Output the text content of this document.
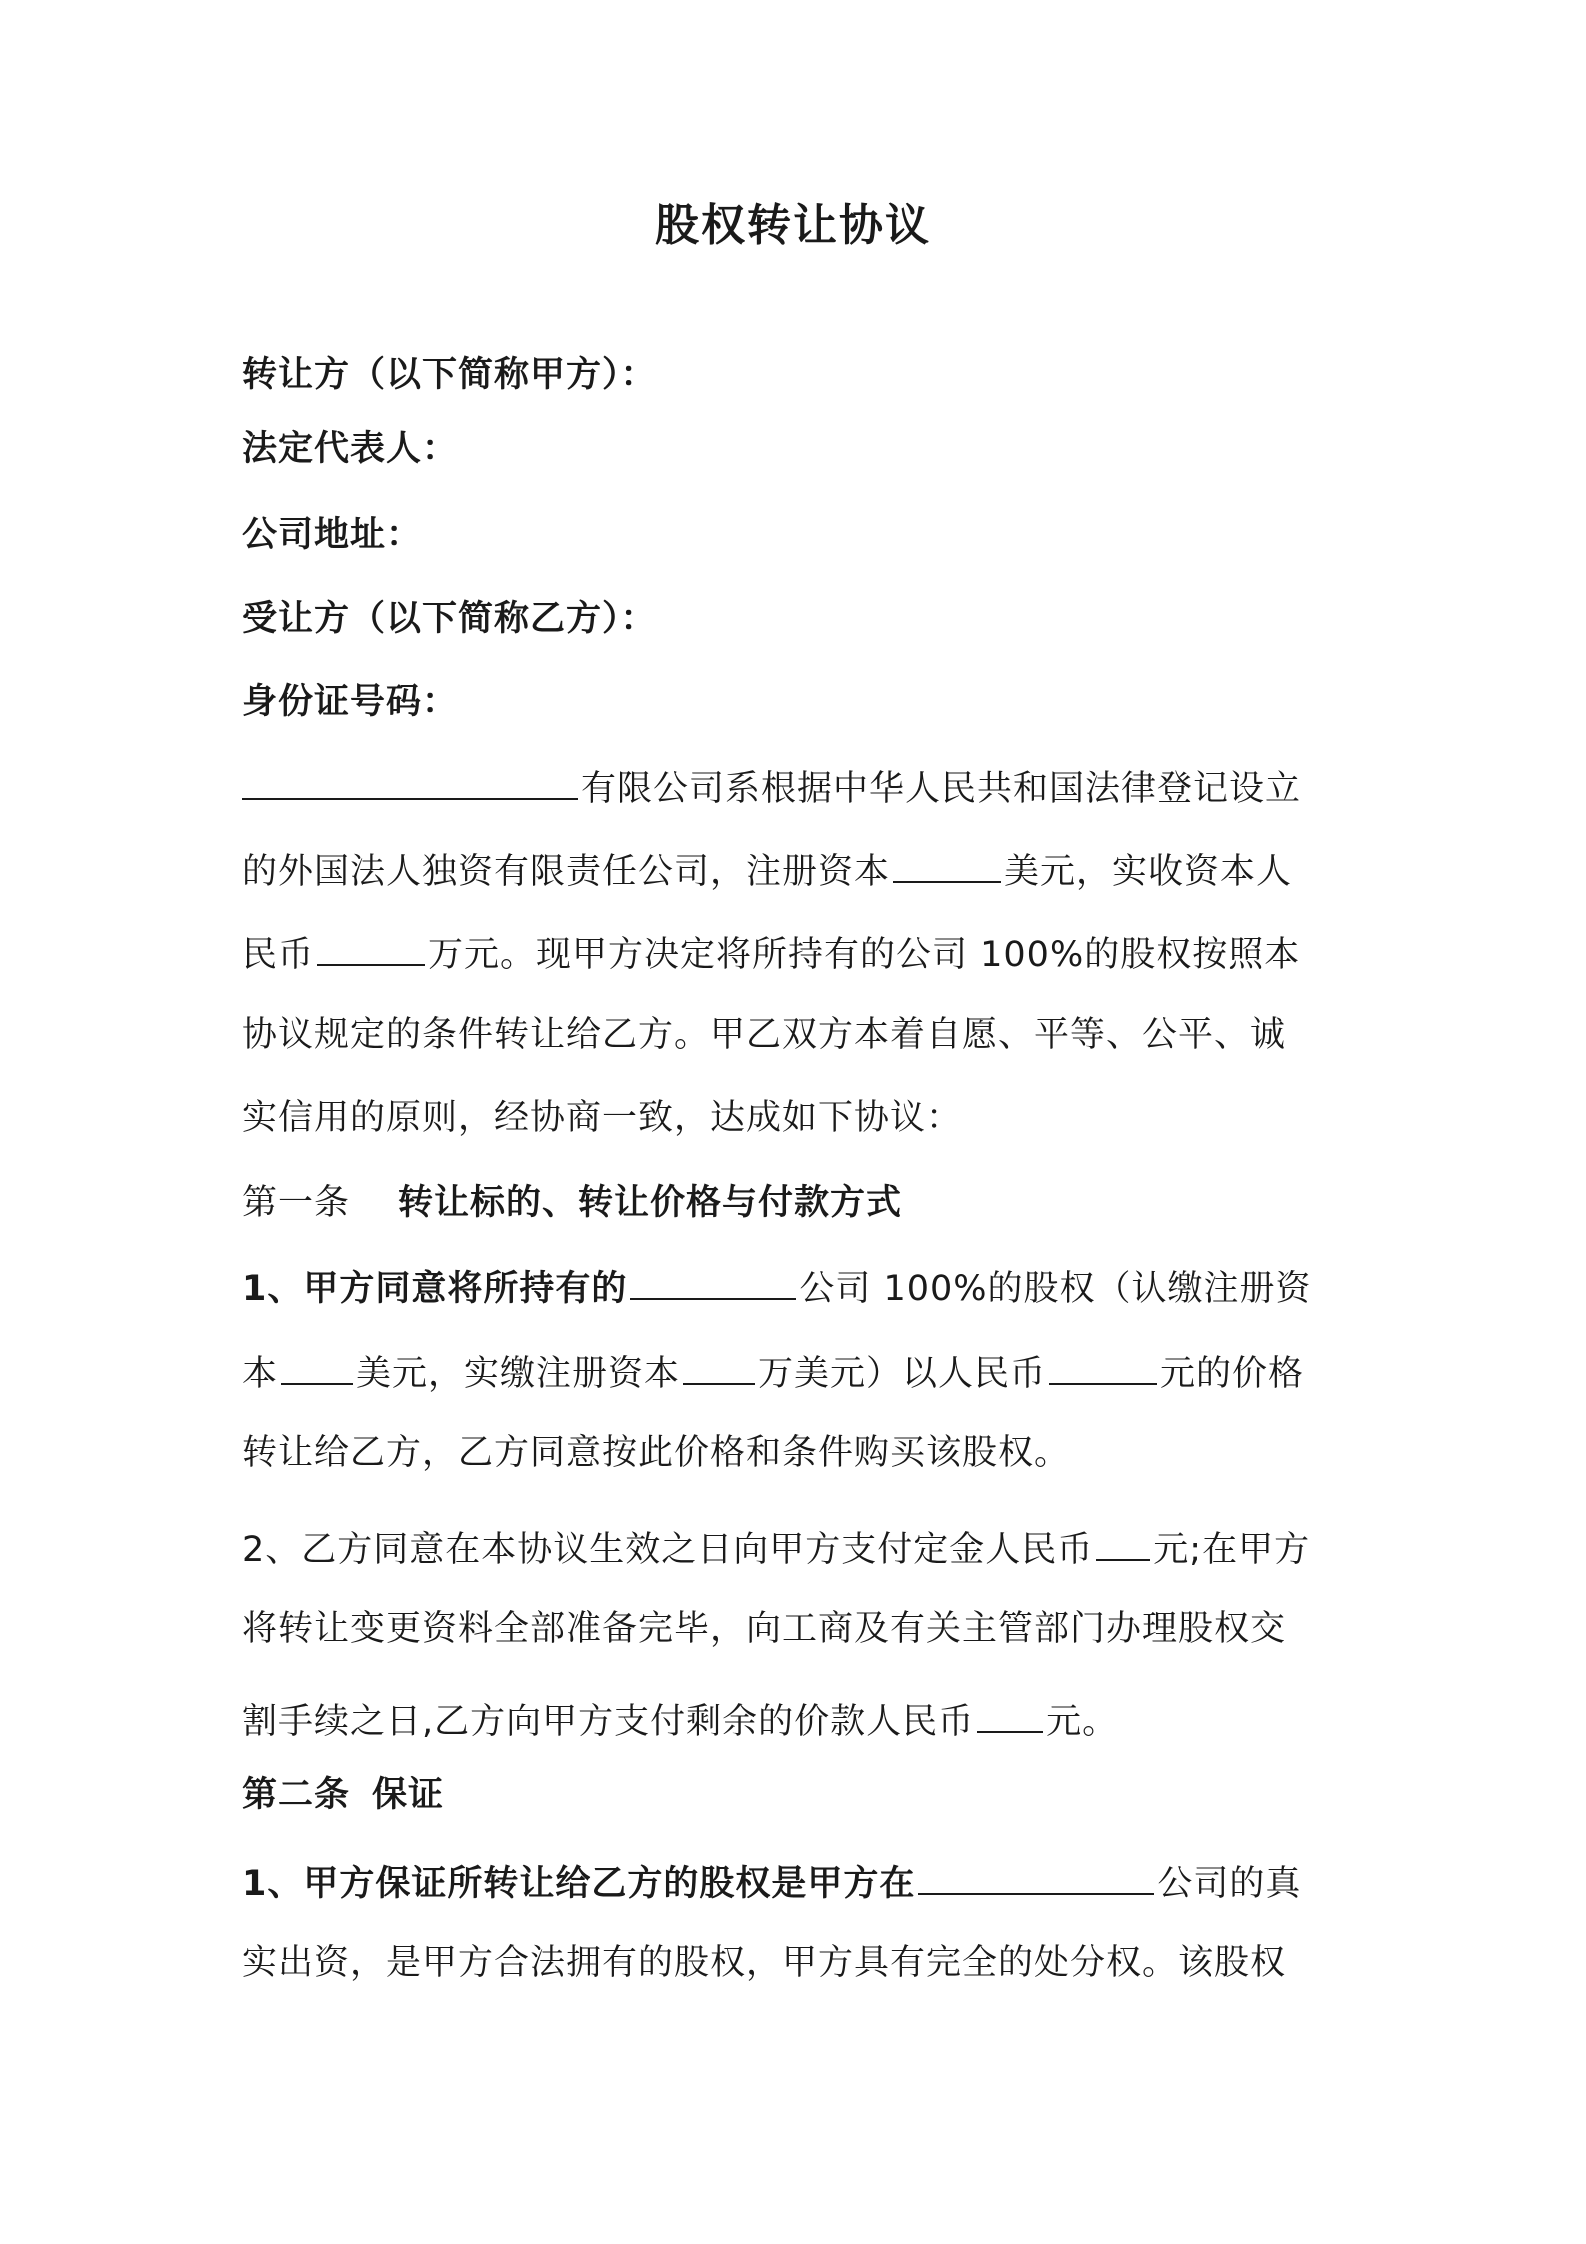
股权转让协议
转让方（以下简称甲方）：
法定代表人：
公司地址：
受让方（以下简称乙方）：
身份证号码：
有限公司系根据中华人民共和国法律登记设立
的外国法人独资有限责任公司，注册资本	美元，实收资本人
民币	万元。现甲方决定将所持有的公司 100%的股权按照本
协议规定的条件转让给乙方。甲乙双方本着自愿、平等、公平、诚
实信用的原则，经协商一致，达成如下协议：
第一条 转让标的、转让价格与付款方式
1、甲方同意将所持有的	公司 100%的股权（认缴注册资
本 美元，实缴注册资本 万美元）以人民币	元的价格
转让给乙方，乙方同意按此价格和条件购买该股权。
2、乙方同意在本协议生效之日向甲方支付定金人民币 元;在甲方
将转让变更资料全部准备完毕，向工商及有关主管部门办理股权交
割手续之日,乙方向甲方支付剩余的价款人民币 元。
第二条 保证
1、甲方保证所转让给乙方的股权是甲方在	公司的真
实出资，是甲方合法拥有的股权，甲方具有完全的处分权。该股权
